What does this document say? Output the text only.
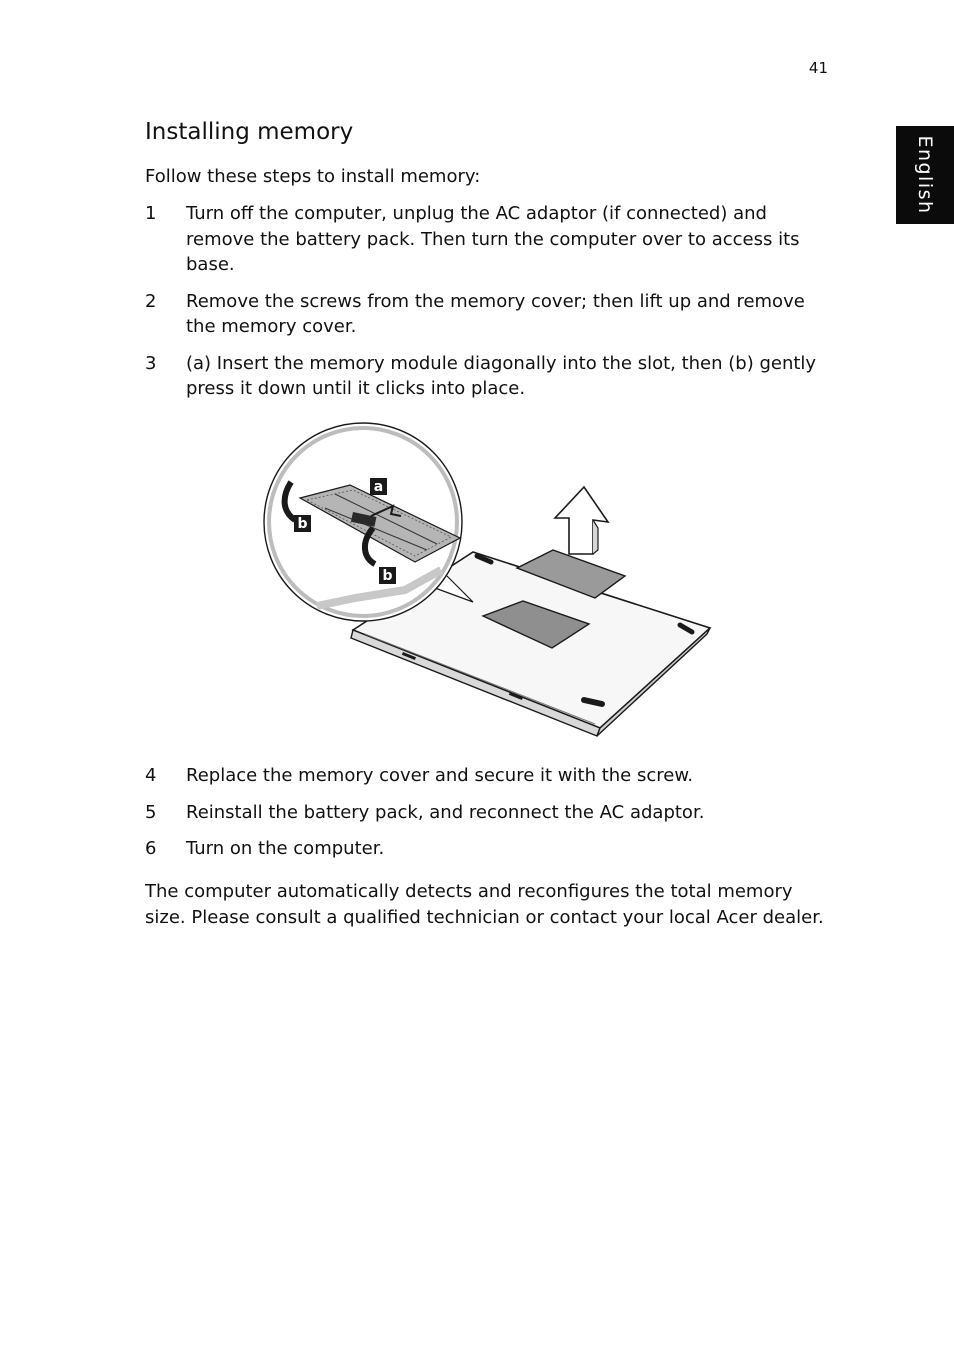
41
English
Installing memory

Follow these steps to install memory:

1	Turn off the computer, unplug the AC adaptor (if connected) and remove the battery pack. Then turn the computer over to access its base.
2	Remove the screws from the memory cover; then lift up and remove the memory cover.
3	(a) Insert the memory module diagonally into the slot, then (b) gently press it down until it clicks into place.
a
b
b
4	Replace the memory cover and secure it with the screw.
5	Reinstall the battery pack, and reconnect the AC adaptor.
6	Turn on the computer.

The computer automatically detects and reconfigures the total memory size. Please consult a qualified technician or contact your local Acer dealer.
